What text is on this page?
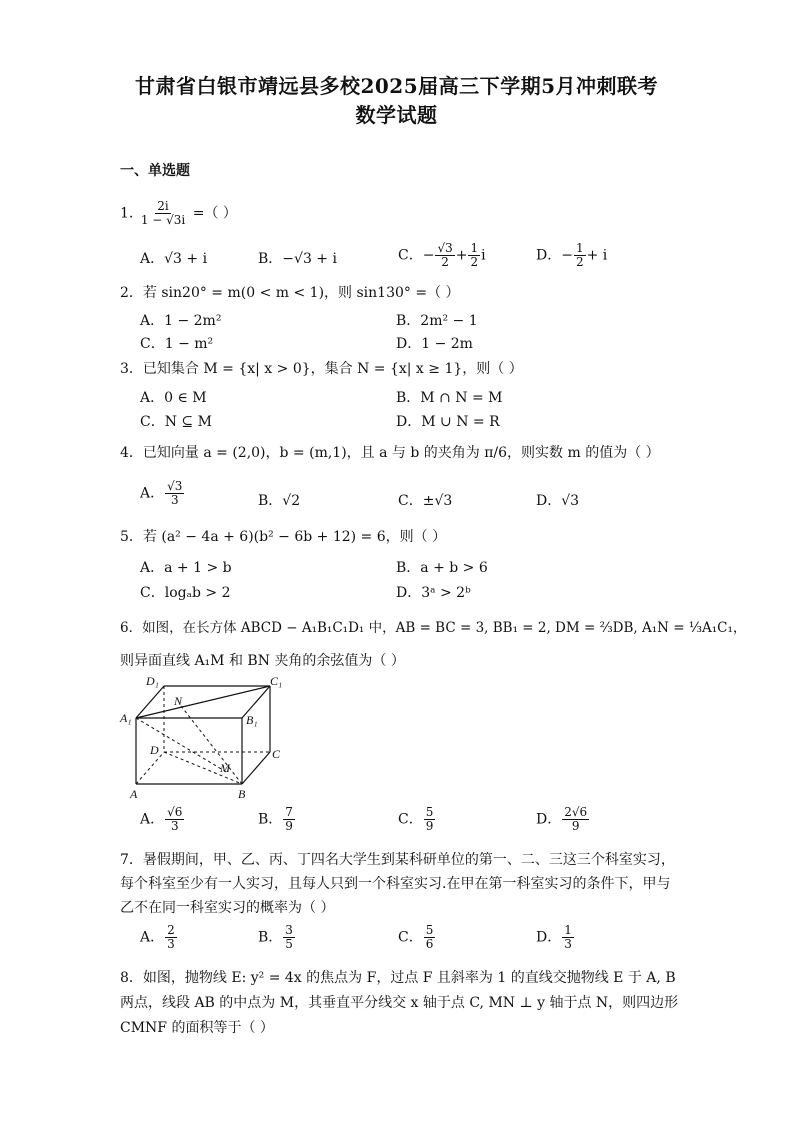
甘肃省白银市靖远县多校2025届高三下学期5月冲刺联考
数学试题
一、单选题
1. $\frac{2i}{1 - √3i}$ =（ ）
A．√3 + i	B．−√3 + i	C．− $\frac{√3}{2} + \frac{1}{2}$ i	D．− $\frac{1}{2} + i$
2．若 sin20° = m(0 < m < 1)，则 sin130° =（ ）
A．1 − 2m²	B．2m² − 1
C．1 − m²	D．1 − 2m
3．已知集合 M = {x| x > 0}，集合 N = {x| x ≥ 1}，则（ ）
A．0 ∈ M	B．M ∩ N = M
C．N ⊆ M	D．M ∪ N = R
4．已知向量 a = (2,0)，b = (m,1)，且 a 与 b 的夹角为 π/6，则实数 m 的值为（ ）
A． $\frac{√3}{3}$	B．√2	C．±√3	D．√3
5．若 (a² − 4a + 6)(b² − 6b + 12) = 6，则（ ）
A．a + 1 > b	B．a + b > 6
C．logₐb > 2	D．3ᵃ > 2ᵇ
6．如图，在长方体 ABCD − A₁B₁C₁D₁ 中，AB = BC = 3, BB₁ = 2, DM = ⅔DB, A₁N = ⅓A₁C₁，
则异面直线 A₁M 和 BN 夹角的余弦值为（ ）
D₁	C₁
A₁	B₁
N
D	C
M
A	B
A． $\frac{√6}{3}$	B． $\frac{7}{9}$	C． $\frac{5}{9}$	D． $\frac{2√6}{9}$
7．暑假期间，甲、乙、丙、丁四名大学生到某科研单位的第一、二、三这三个科室实习，每个科室至少有一人实习，且每人只到一个科室实习.在甲在第一科室实习的条件下，甲与乙不在同一科室实习的概率为（ ）
A． $\frac{2}{3}$	B． $\frac{3}{5}$	C． $\frac{5}{6}$	D． $\frac{1}{3}$
8．如图，抛物线 E: y² = 4x 的焦点为 F，过点 F 且斜率为 1 的直线交抛物线 E 于 A, B 两点，线段 AB 的中点为 M，其垂直平分线交 x 轴于点 C, MN ⊥ y 轴于点 N，则四边形 CMNF 的面积等于（ ）
